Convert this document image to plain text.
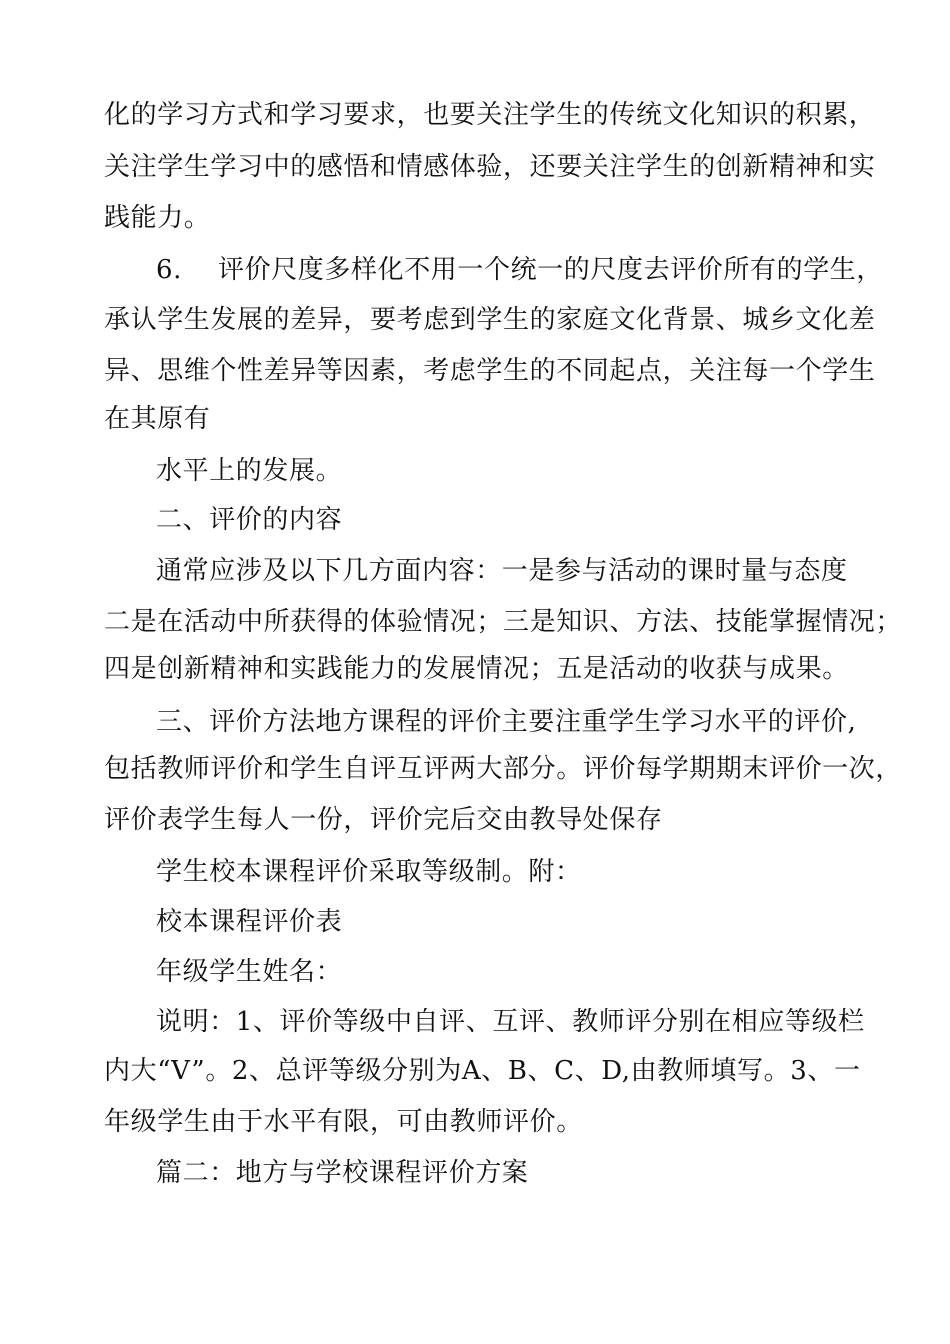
化的学习方式和学习要求，也要关注学生的传统文化知识的积累，
关注学生学习中的感悟和情感体验，还要关注学生的创新精神和实
践能力。
6. 评价尺度多样化不用一个统一的尺度去评价所有的学生，
承认学生发展的差异，要考虑到学生的家庭文化背景、城乡文化差
异、思维个性差异等因素，考虑学生的不同起点，关注每一个学生
在其原有
水平上的发展。
二、评价的内容
通常应涉及以下几方面内容：一是参与活动的课时量与态度
二是在活动中所获得的体验情况；三是知识、方法、技能掌握情况；
四是创新精神和实践能力的发展情况；五是活动的收获与成果。
三、评价方法地方课程的评价主要注重学生学习水平的评价,
包括教师评价和学生自评互评两大部分。评价每学期期末评价一次，
评价表学生每人一份，评价完后交由教导处保存
学生校本课程评价采取等级制。附：
校本课程评价表
年级学生姓名：
说明：1、评价等级中自评、互评、教师评分别在相应等级栏
内大“V”。2、总评等级分别为A、B、C、D,由教师填写。3、一
年级学生由于水平有限，可由教师评价。
篇二：地方与学校课程评价方案
